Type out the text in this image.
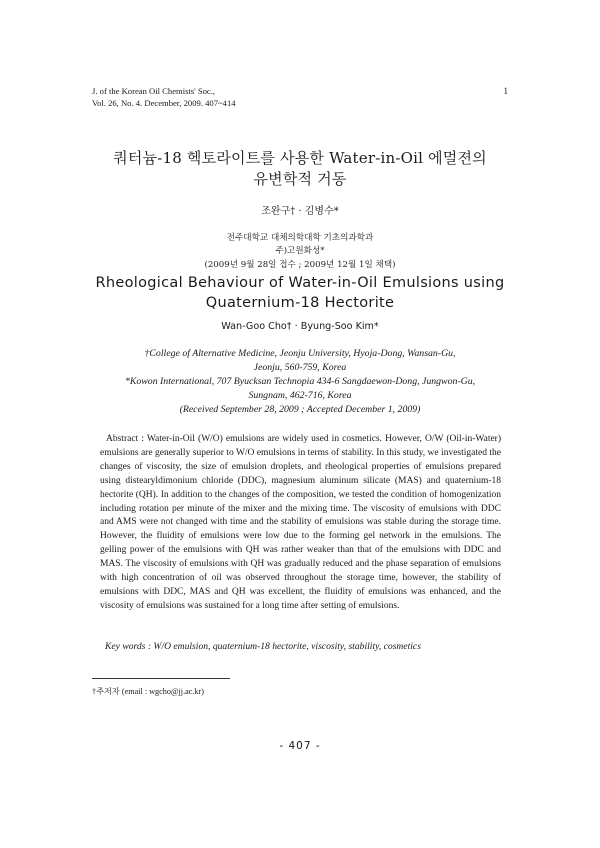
J. of the Korean Oil Chemists' Soc.,
Vol. 26, No. 4. December, 2009. 407~414
1
쿼터늄-18 헥토라이트를 사용한 Water-in-Oil 에멀젼의
유변학적 거동
조완구† · 김병수*
전주대학교 대체의학대학 기초의과학과
주)고원화성*
(2009년 9월 28일 접수 ; 2009년 12월 1일 채택)
Rheological Behaviour of Water-in-Oil Emulsions using
Quaternium-18 Hectorite
Wan-Goo Cho† · Byung-Soo Kim*
†College of Alternative Medicine, Jeonju University, Hyoja-Dong, Wansan-Gu,
Jeonju, 560-759, Korea
*Kowon International, 707 Byucksan Technopia 434-6 Sangdaewon-Dong, Jungwon-Gu,
Sungnam, 462-716, Korea
(Received September 28, 2009 ; Accepted December 1, 2009)
Abstract : Water-in-Oil (W/O) emulsions are widely used in cosmetics. However, O/W (Oil-in-Water) emulsions are generally superior to W/O emulsions in terms of stability. In this study, we investigated the changes of viscosity, the size of emulsion droplets, and rheological properties of emulsions prepared using distearyldimonium chloride (DDC), magnesium aluminum silicate (MAS) and quaternium-18 hectorite (QH). In addition to the changes of the composition, we tested the condition of homogenization including rotation per minute of the mixer and the mixing time. The viscosity of emulsions with DDC and AMS were not changed with time and the stability of emulsions was stable during the storage time. However, the fluidity of emulsions were low due to the forming gel network in the emulsions. The gelling power of the emulsions with QH was rather weaker than that of the emulsions with DDC and MAS. The viscosity of emulsions with QH was gradually reduced and the phase separation of emulsions with high concentration of oil was observed throughout the storage time, however, the stability of emulsions with DDC, MAS and QH was excellent, the fluidity of emulsions was enhanced, and the viscosity of emulsions was sustained for a long time after setting of emulsions.
Key words : W/O emulsion, quaternium-18 hectorite, viscosity, stability, cosmetics
†주저자 (email : wgcho@jj.ac.kr)
- 407 -
